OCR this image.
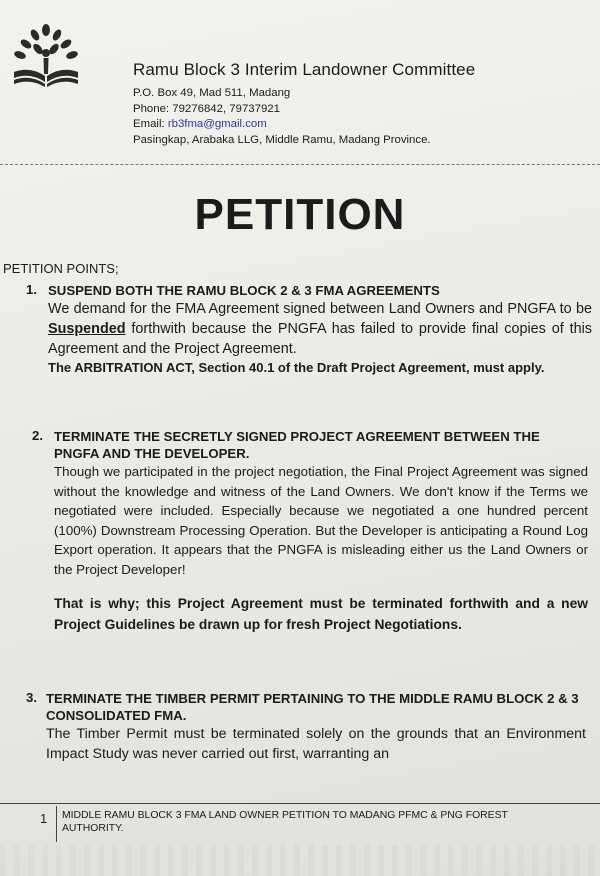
Ramu Block 3 Interim Landowner Committee

P.O. Box 49, Mad 511, Madang

Phone: 79276842, 79737921

Email: rb3fma@gmail.com

Pasingkap, Arabaka LLG, Middle Ramu, Madang Province.

PETITION

PETITION POINTS;

1. SUSPEND BOTH THE RAMU BLOCK 2 & 3 FMA AGREEMENTS

We demand for the FMA Agreement signed between Land Owners and PNGFA to be Suspended forthwith because the PNGFA has failed to provide final copies of this Agreement and the Project Agreement.

The ARBITRATION ACT, Section 40.1 of the Draft Project Agreement, must apply.

2. TERMINATE THE SECRETLY SIGNED PROJECT AGREEMENT BETWEEN THE PNGFA AND THE DEVELOPER.

Though we participated in the project negotiation, the Final Project Agreement was signed without the knowledge and witness of the Land Owners. We don't know if the Terms we negotiated were included. Especially because we negotiated a one hundred percent (100%) Downstream Processing Operation. But the Developer is anticipating a Round Log Export operation. It appears that the PNGFA is misleading either us the Land Owners or the Project Developer!

That is why; this Project Agreement must be terminated forthwith and a new Project Guidelines be drawn up for fresh Project Negotiations.

3. TERMINATE THE TIMBER PERMIT PERTAINING TO THE MIDDLE RAMU BLOCK 2 & 3 CONSOLIDATED FMA.

The Timber Permit must be terminated solely on the grounds that an Environment Impact Study was never carried out first, warranting an

1 MIDDLE RAMU BLOCK 3 FMA LAND OWNER PETITION TO MADANG PFMC & PNG FOREST AUTHORITY.
